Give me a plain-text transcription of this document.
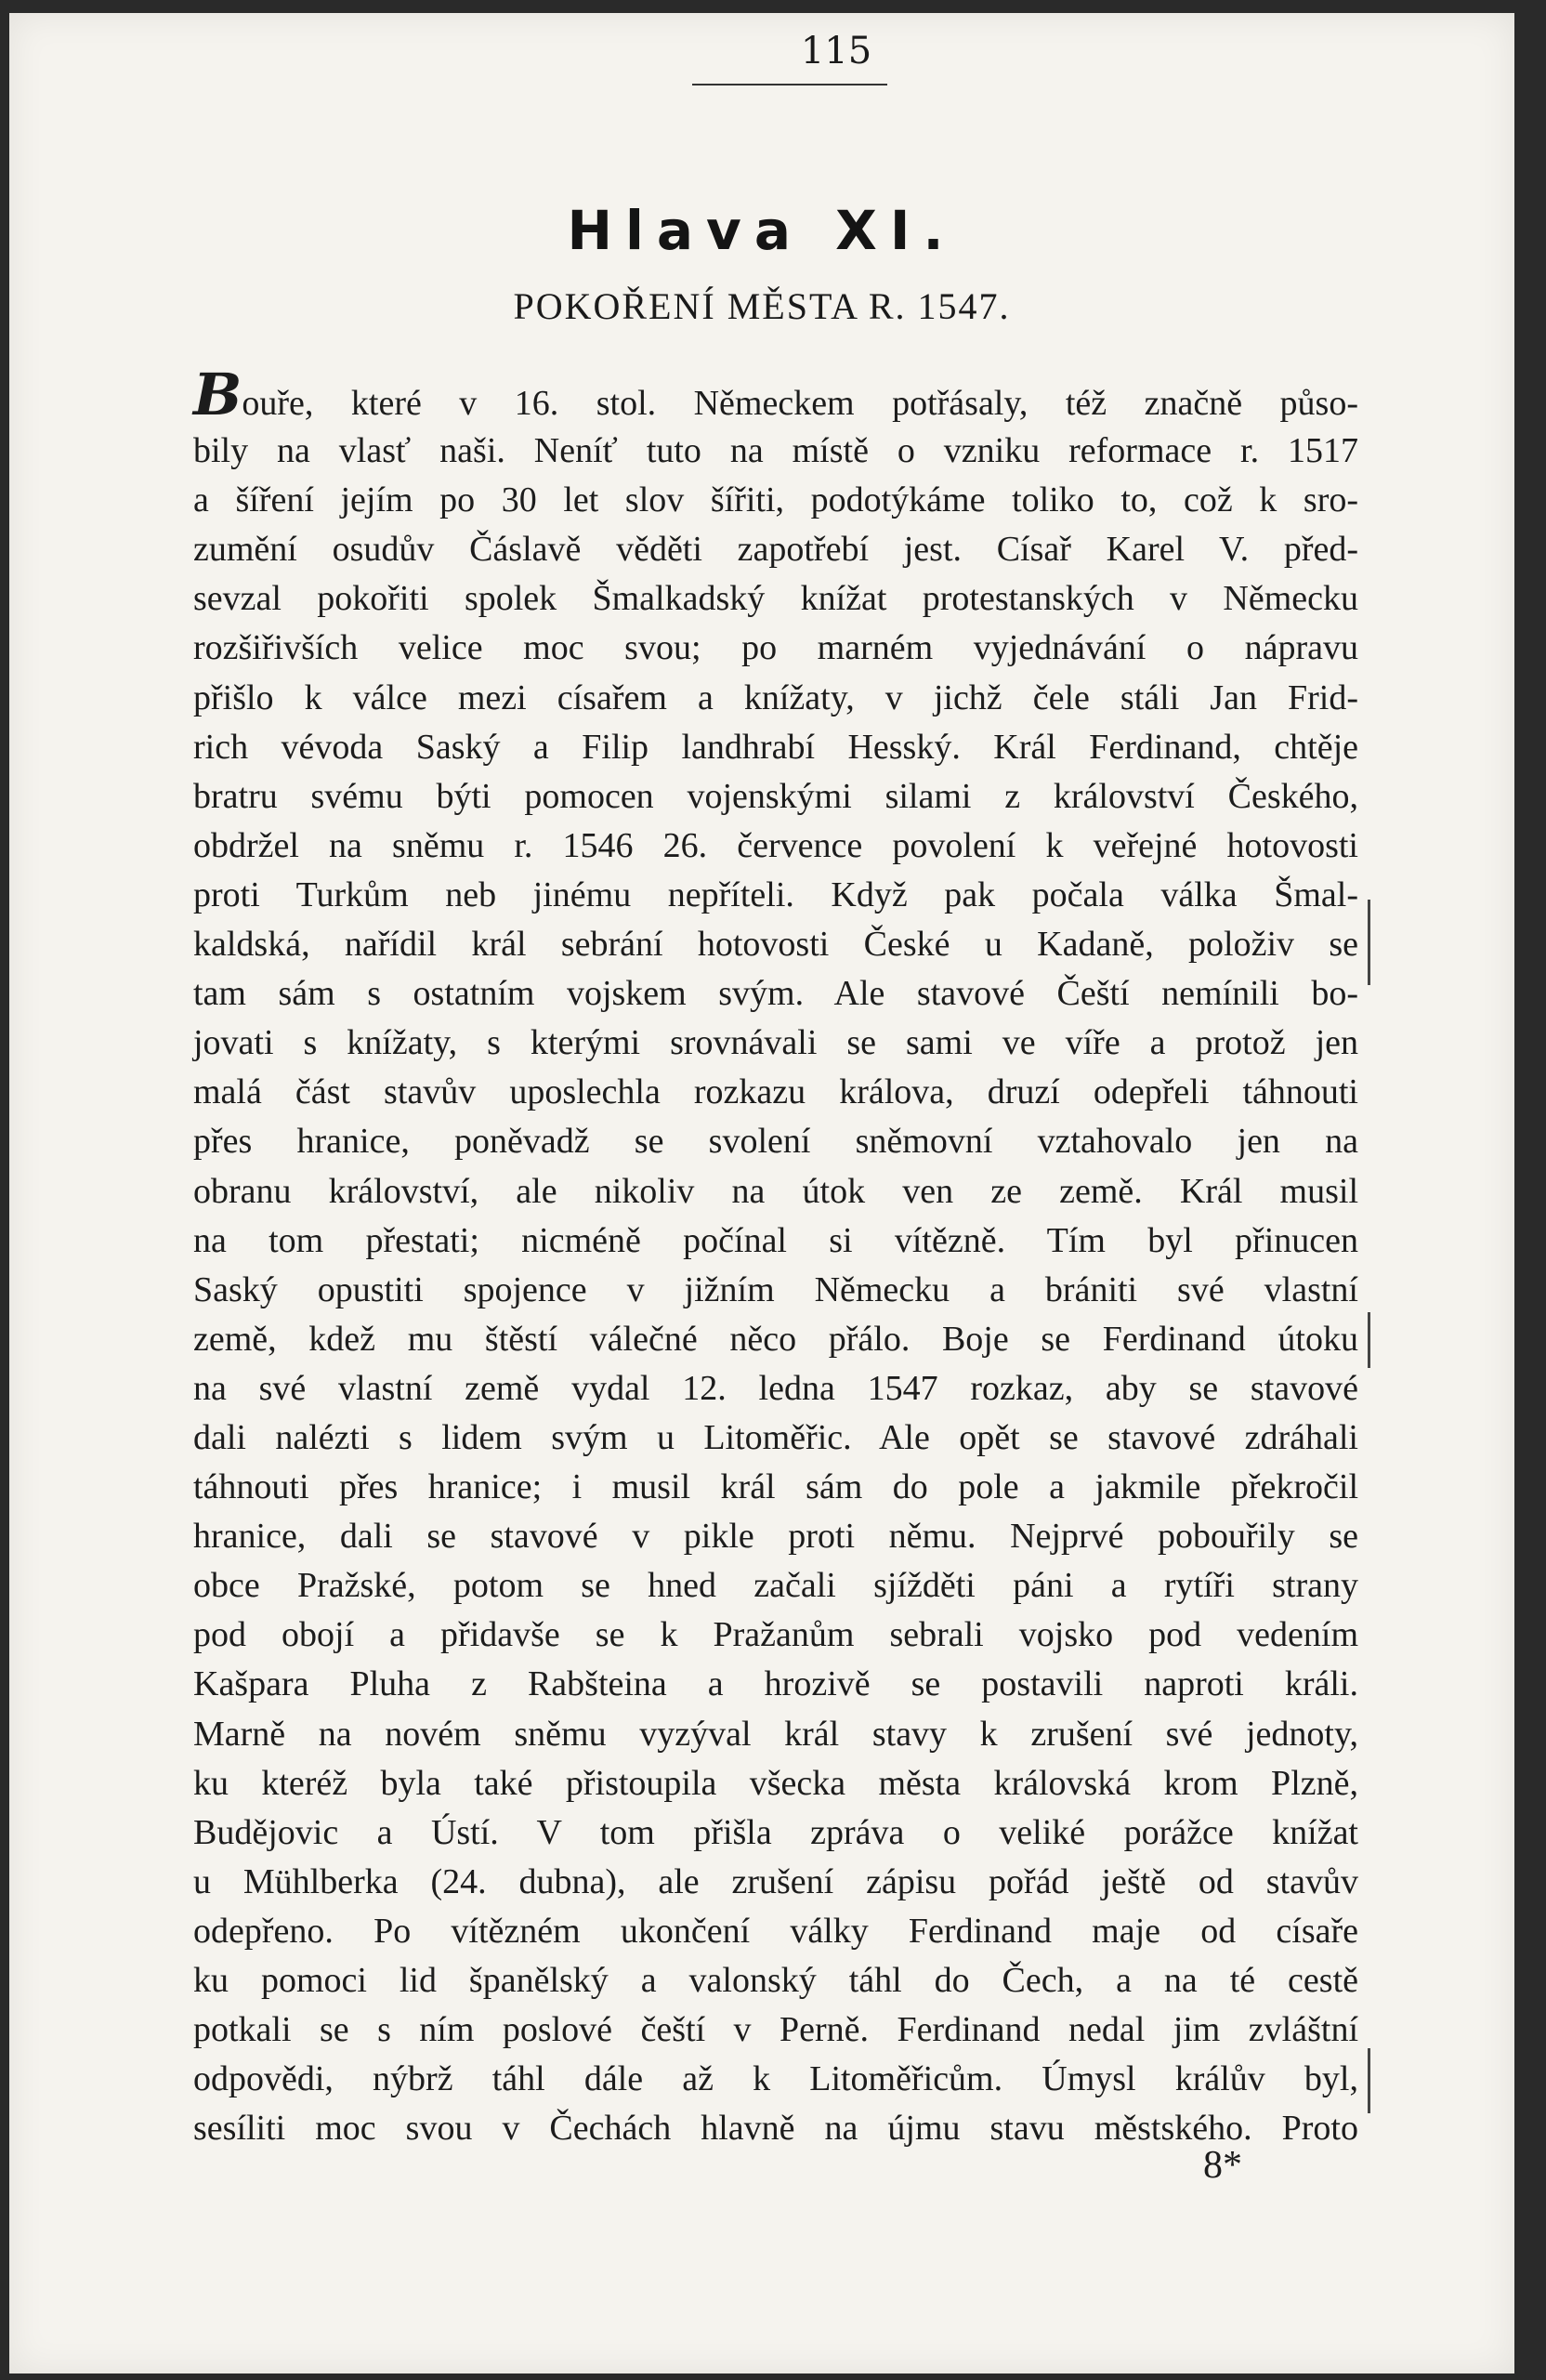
115
Hlava XI.
POKOŘENÍ MĚSTA R. 1547.
Bouře, které v 16. stol. Německem potřásaly, též značně půso-
bily na vlasť naši. Neníť tuto na místě o vzniku reformace r. 1517
a šíření jejím po 30 let slov šířiti, podotýkáme toliko to, což k sro-
zumění osudův Čáslavě věděti zapotřebí jest. Císař Karel V. před-
sevzal pokořiti spolek Šmalkadský knížat protestanských v Německu
rozšiřivších velice moc svou; po marném vyjednávání o nápravu
přišlo k válce mezi císařem a knížaty, v jichž čele stáli Jan Frid-
rich vévoda Saský a Filip landhrabí Hesský. Král Ferdinand, chtěje
bratru svému býti pomocen vojenskými silami z království Českého,
obdržel na sněmu r. 1546 26. července povolení k veřejné hotovosti
proti Turkům neb jinému nepříteli. Když pak počala válka Šmal-
kaldská, nařídil král sebrání hotovosti České u Kadaně, položiv se
tam sám s ostatním vojskem svým. Ale stavové Čeští nemínili bo-
jovati s knížaty, s kterými srovnávali se sami ve víře a protož jen
malá část stavův uposlechla rozkazu králova, druzí odepřeli táhnouti
přes hranice, poněvadž se svolení sněmovní vztahovalo jen na
obranu království, ale nikoliv na útok ven ze země. Král musil
na tom přestati; nicméně počínal si vítězně. Tím byl přinucen
Saský opustiti spojence v jižním Německu a brániti své vlastní
země, kdež mu štěstí válečné něco přálo. Boje se Ferdinand útoku
na své vlastní země vydal 12. ledna 1547 rozkaz, aby se stavové
dali nalézti s lidem svým u Litoměřic. Ale opět se stavové zdráhali
táhnouti přes hranice; i musil král sám do pole a jakmile překročil
hranice, dali se stavové v pikle proti němu. Nejprvé pobouřily se
obce Pražské, potom se hned začali sjížděti páni a rytíři strany
pod obojí a přidavše se k Pražanům sebrali vojsko pod vedením
Kašpara Pluha z Rabšteina a hrozivě se postavili naproti králi.
Marně na novém sněmu vyzýval král stavy k zrušení své jednoty,
ku kteréž byla také přistoupila všecka města královská krom Plzně,
Budějovic a Ústí. V tom přišla zpráva o veliké porážce knížat
u Mühlberka (24. dubna), ale zrušení zápisu pořád ještě od stavův
odepřeno. Po vítězném ukončení války Ferdinand maje od císaře
ku pomoci lid španělský a valonský táhl do Čech, a na té cestě
potkali se s ním poslové čeští v Perně. Ferdinand nedal jim zvláštní
odpovědi, nýbrž táhl dále až k Litoměřicům. Úmysl králův byl,
sesíliti moc svou v Čechách hlavně na újmu stavu městského. Proto
8*
